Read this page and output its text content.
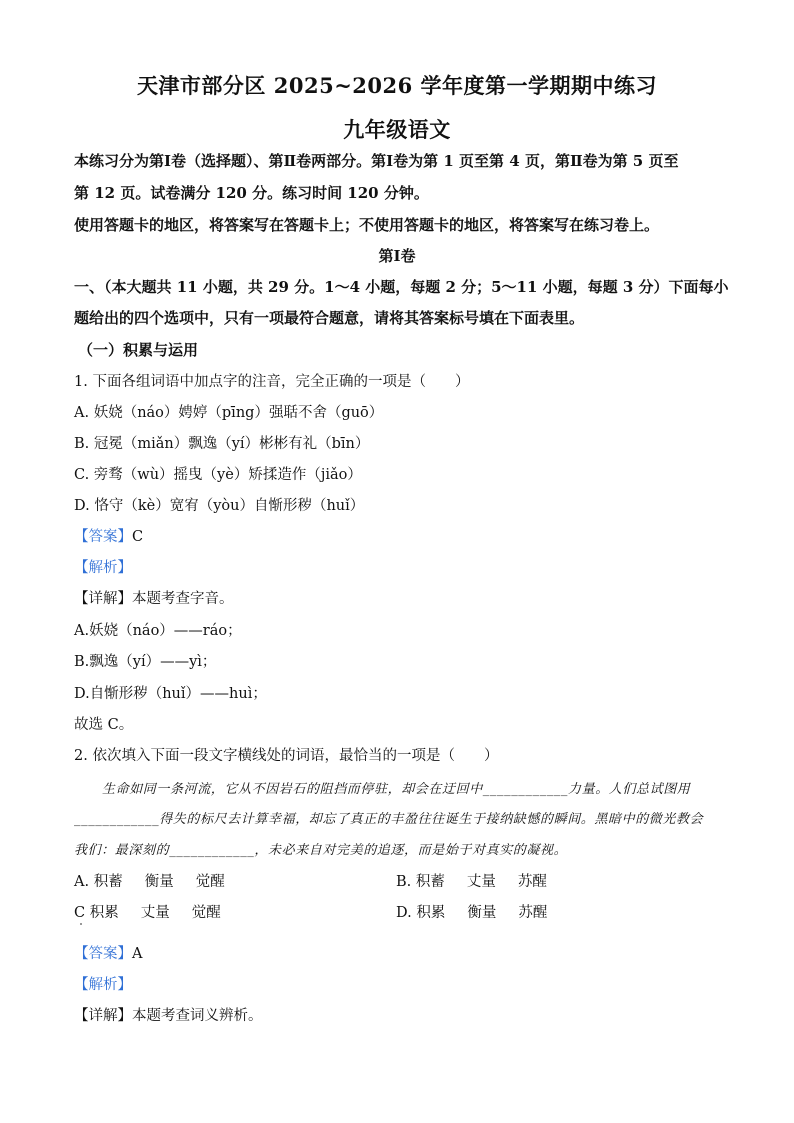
天津市部分区 2025~2026 学年度第一学期期中练习
九年级语文
本练习分为第Ⅰ卷（选择题）、第Ⅱ卷两部分。第Ⅰ卷为第 1 页至第 4 页，第Ⅱ卷为第 5 页至
第 12 页。试卷满分 120 分。练习时间 120 分钟。
使用答题卡的地区，将答案写在答题卡上；不使用答题卡的地区，将答案写在练习卷上。
第Ⅰ卷
一、（本大题共 11 小题，共 29 分。1～4 小题，每题 2 分；5～11 小题，每题 3 分）下面每小
题给出的四个选项中，只有一项最符合题意，请将其答案标号填在下面表里。
（一）积累与运用
1. 下面各组词语中加点字的注音，完全正确的一项是（　　）
A. 妖娆（náo）娉婷（pīng）强聒不舍（guō）
B. 冠冕（miǎn）飘逸（yí）彬彬有礼（bīn）
C. 旁骛（wù）摇曳（yè）矫揉造作（jiǎo）
D. 恪守（kè）宽宥（yòu）自惭形秽（huǐ）
【答案】C
【解析】
【详解】本题考查字音。
A.妖娆（náo）——ráo；
B.飘逸（yí）——yì；
D.自惭形秽（huǐ）——huì；
故选 C。
2. 依次填入下面一段文字横线处的词语，最恰当的一项是（　　）
生命如同一条河流，它从不因岩石的阻挡而停驻，却会在迂回中____________力量。人们总试图用
____________得失的标尺去计算幸福，却忘了真正的丰盈往往诞生于接纳缺憾的瞬间。黑暗中的微光教会
我们：最深刻的____________，未必来自对完美的追逐，而是始于对真实的凝视。
A. 积蓄 衡量 觉醒	B. 积蓄 丈量 苏醒
C 积累 丈量 觉醒	D. 积累 衡量 苏醒
【答案】A
【解析】
【详解】本题考查词义辨析。
